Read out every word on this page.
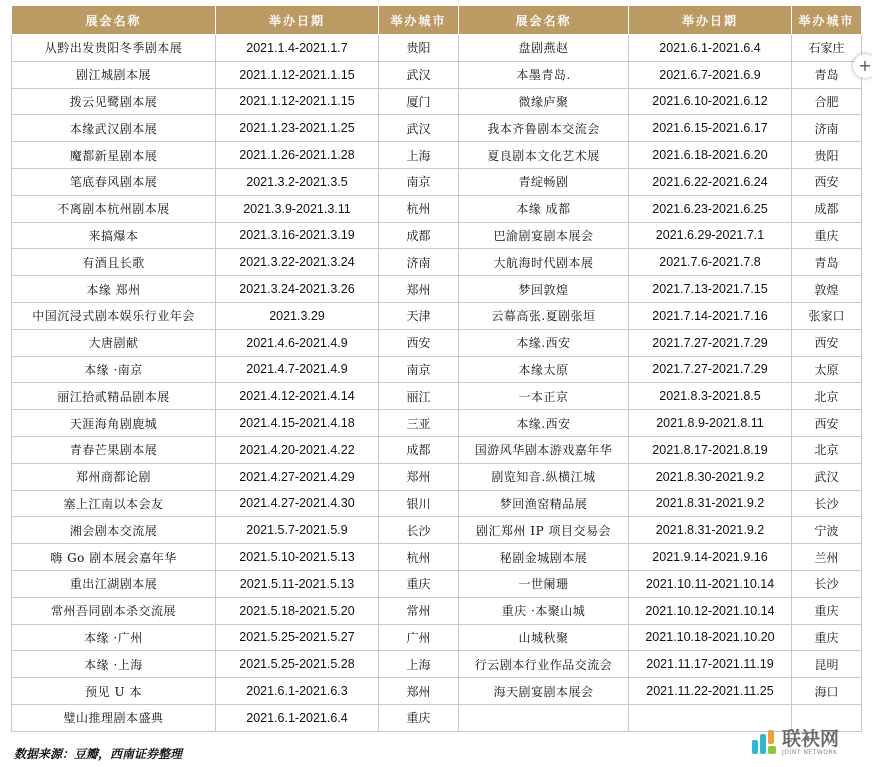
展会名称	举办日期	举办城市	展会名称	举办日期	举办城市
从黔出发贵阳冬季剧本展	2021.1.4-2021.1.7	贵阳	盘剧燕赵	2021.6.1-2021.6.4	石家庄
剧江城剧本展	2021.1.12-2021.1.15	武汉	本墨青岛.	2021.6.7-2021.6.9	青岛
拨云见鹭剧本展	2021.1.12-2021.1.15	厦门	微缘庐聚	2021.6.10-2021.6.12	合肥
本缘武汉剧本展	2021.1.23-2021.1.25	武汉	我本齐鲁剧本交流会	2021.6.15-2021.6.17	济南
魔都新星剧本展	2021.1.26-2021.1.28	上海	夏良剧本文化艺术展	2021.6.18-2021.6.20	贵阳
笔底春风剧本展	2021.3.2-2021.3.5	南京	青绽畅剧	2021.6.22-2021.6.24	西安
不离剧本杭州剧本展	2021.3.9-2021.3.11	杭州	本缘 成都	2021.6.23-2021.6.25	成都
来搞爆本	2021.3.16-2021.3.19	成都	巴渝剧宴剧本展会	2021.6.29-2021.7.1	重庆
有酒且长歌	2021.3.22-2021.3.24	济南	大航海时代剧本展	2021.7.6-2021.7.8	青岛
本缘 郑州	2021.3.24-2021.3.26	郑州	梦回敦煌	2021.7.13-2021.7.15	敦煌
中国沉浸式剧本娱乐行业年会	2021.3.29	天津	云幕高张.夏剧张垣	2021.7.14-2021.7.16	张家口
大唐剧献	2021.4.6-2021.4.9	西安	本缘.西安	2021.7.27-2021.7.29	西安
本缘 ·南京	2021.4.7-2021.4.9	南京	本缘太原	2021.7.27-2021.7.29	太原
丽江拾贰精品剧本展	2021.4.12-2021.4.14	丽江	一本正京	2021.8.3-2021.8.5	北京
天涯海角剧鹿城	2021.4.15-2021.4.18	三亚	本缘.西安	2021.8.9-2021.8.11	西安
青春芒果剧本展	2021.4.20-2021.4.22	成都	国游风华剧本游戏嘉年华	2021.8.17-2021.8.19	北京
郑州商都论剧	2021.4.27-2021.4.29	郑州	剧览知音.纵横江城	2021.8.30-2021.9.2	武汉
塞上江南以本会友	2021.4.27-2021.4.30	银川	梦回渔窑精品展	2021.8.31-2021.9.2	长沙
湘会剧本交流展	2021.5.7-2021.5.9	长沙	剧汇郑州 IP 项目交易会	2021.8.31-2021.9.2	宁波
嗨 Go 剧本展会嘉年华	2021.5.10-2021.5.13	杭州	秘剧金城剧本展	2021.9.14-2021.9.16	兰州
重出江湖剧本展	2021.5.11-2021.5.13	重庆	一世阑珊	2021.10.11-2021.10.14	长沙
常州吾同剧本杀交流展	2021.5.18-2021.5.20	常州	重庆 ·本聚山城	2021.10.12-2021.10.14	重庆
本缘 ·广州	2021.5.25-2021.5.27	广州	山城秋聚	2021.10.18-2021.10.20	重庆
本缘 ·上海	2021.5.25-2021.5.28	上海	行云剧本行业作品交流会	2021.11.17-2021.11.19	昆明
预见 U 本	2021.6.1-2021.6.3	郑州	海天剧宴剧本展会	2021.11.22-2021.11.25	海口
璧山推理剧本盛典	2021.6.1-2021.6.4	重庆			
数据来源：豆瓣，西南证券整理
联袂网
JOINT NETWORK
+
